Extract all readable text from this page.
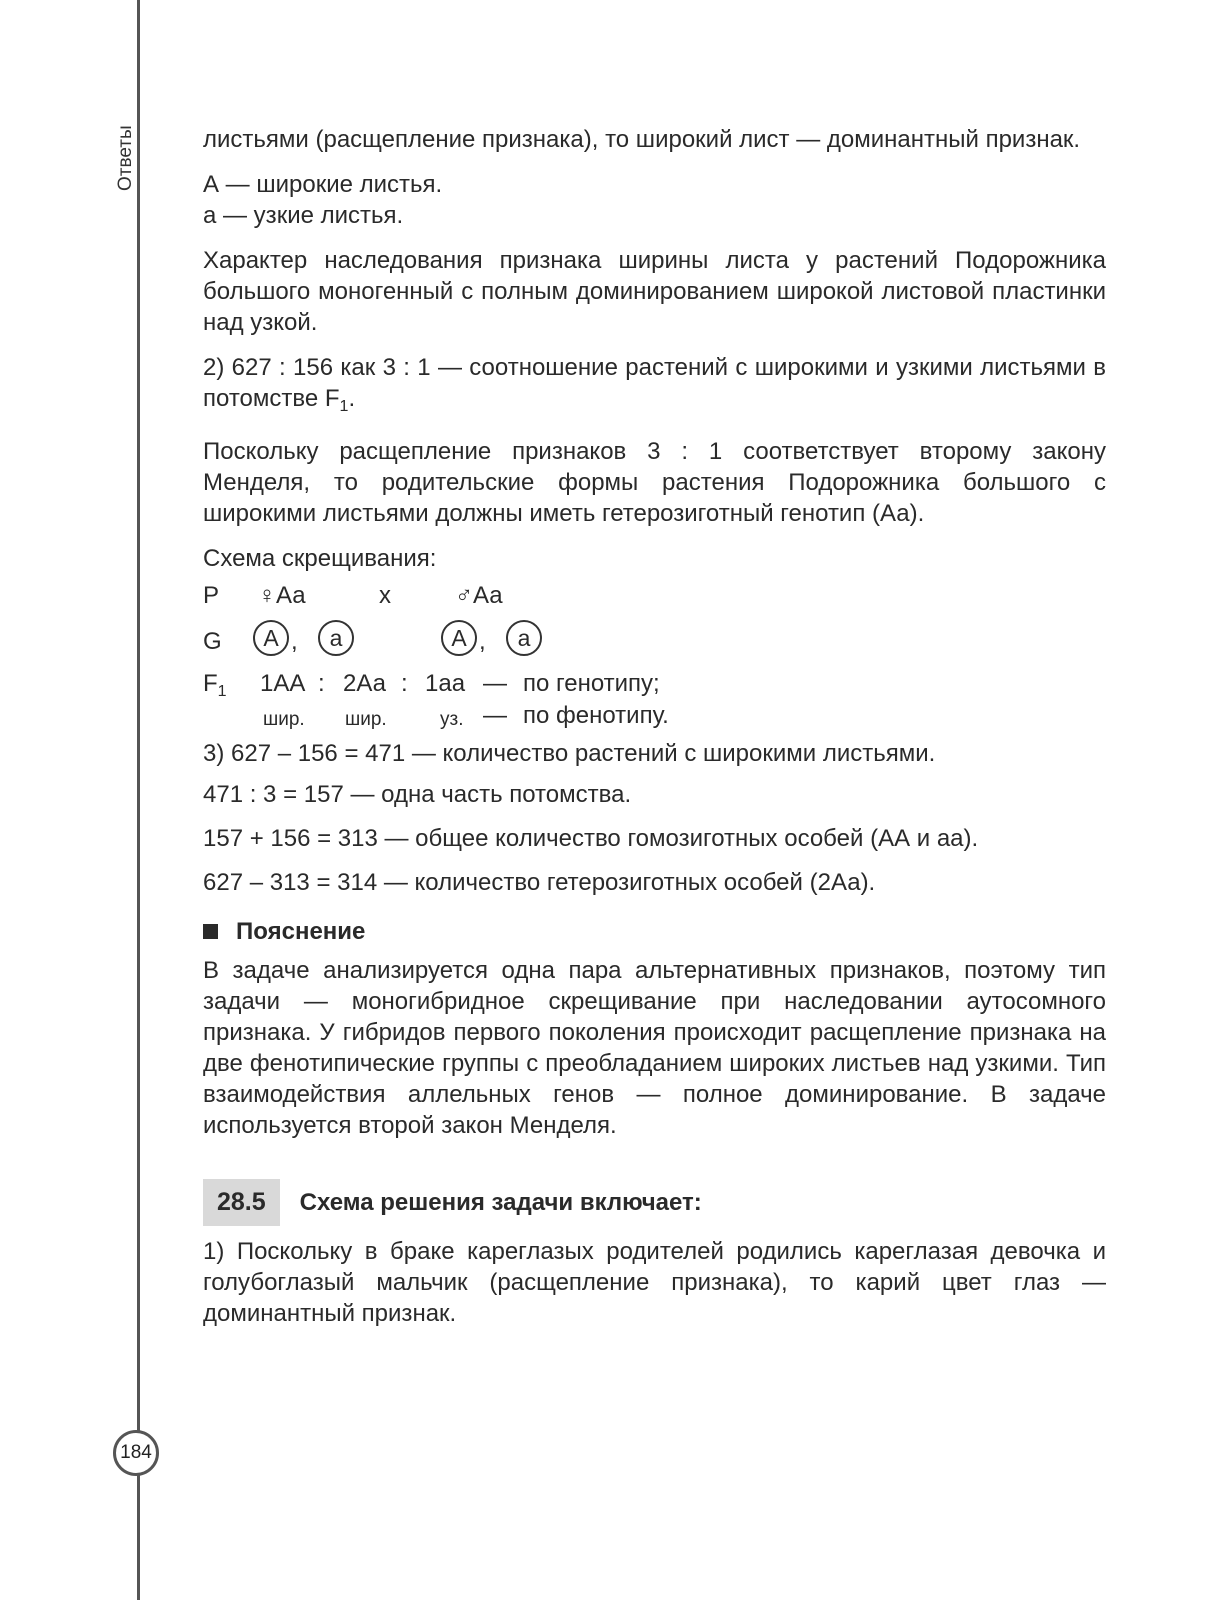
Ответы
184

листьями (расщепление признака), то широкий лист — доминантный признак.

А — широкие листья.

а — узкие листья.

Характер наследования признака ширины листа у растений Подорожника большого моногенный с полным доминированием широкой листовой пластинки над узкой.

2) 627 : 156 как 3 : 1 — соотношение растений с широкими и узкими листьями в потомстве $F_1$.

Поскольку расщепление признаков 3 : 1 соответствует второму закону Менделя, то родительские формы растения Подорожника большого с широкими листьями должны иметь гетерозиготный генотип (Аа).

Схема скрещивания:

P ♀Аа	x	♂Аа
G	А ,	а	А ,	а
$F_1$ 1АА : 2Аа : 1аа — по генотипу;
шир. шир.	уз. — по фенотипу.

3) 627 – 156 = 471 — количество растений с широкими листьями.

471 : 3 = 157 — одна часть потомства.

157 + 156 = 313 — общее количество гомозиготных особей (АА и аа).

627 – 313 = 314 — количество гетерозиготных особей (2Аа).

Пояснение

В задаче анализируется одна пара альтернативных признаков, поэтому тип задачи — моногибридное скрещивание при наследовании аутосомного признака. У гибридов первого поколения происходит расщепление признака на две фенотипические группы с преобладанием широких листьев над узкими. Тип взаимодействия аллельных генов — полное доминирование. В задаче используется второй закон Менделя.

28.5	Схема решения задачи включает:

1) Поскольку в браке кареглазых родителей родились кареглазая девочка и голубоглазый мальчик (расщепление признака), то карий цвет глаз — доминантный признак.
